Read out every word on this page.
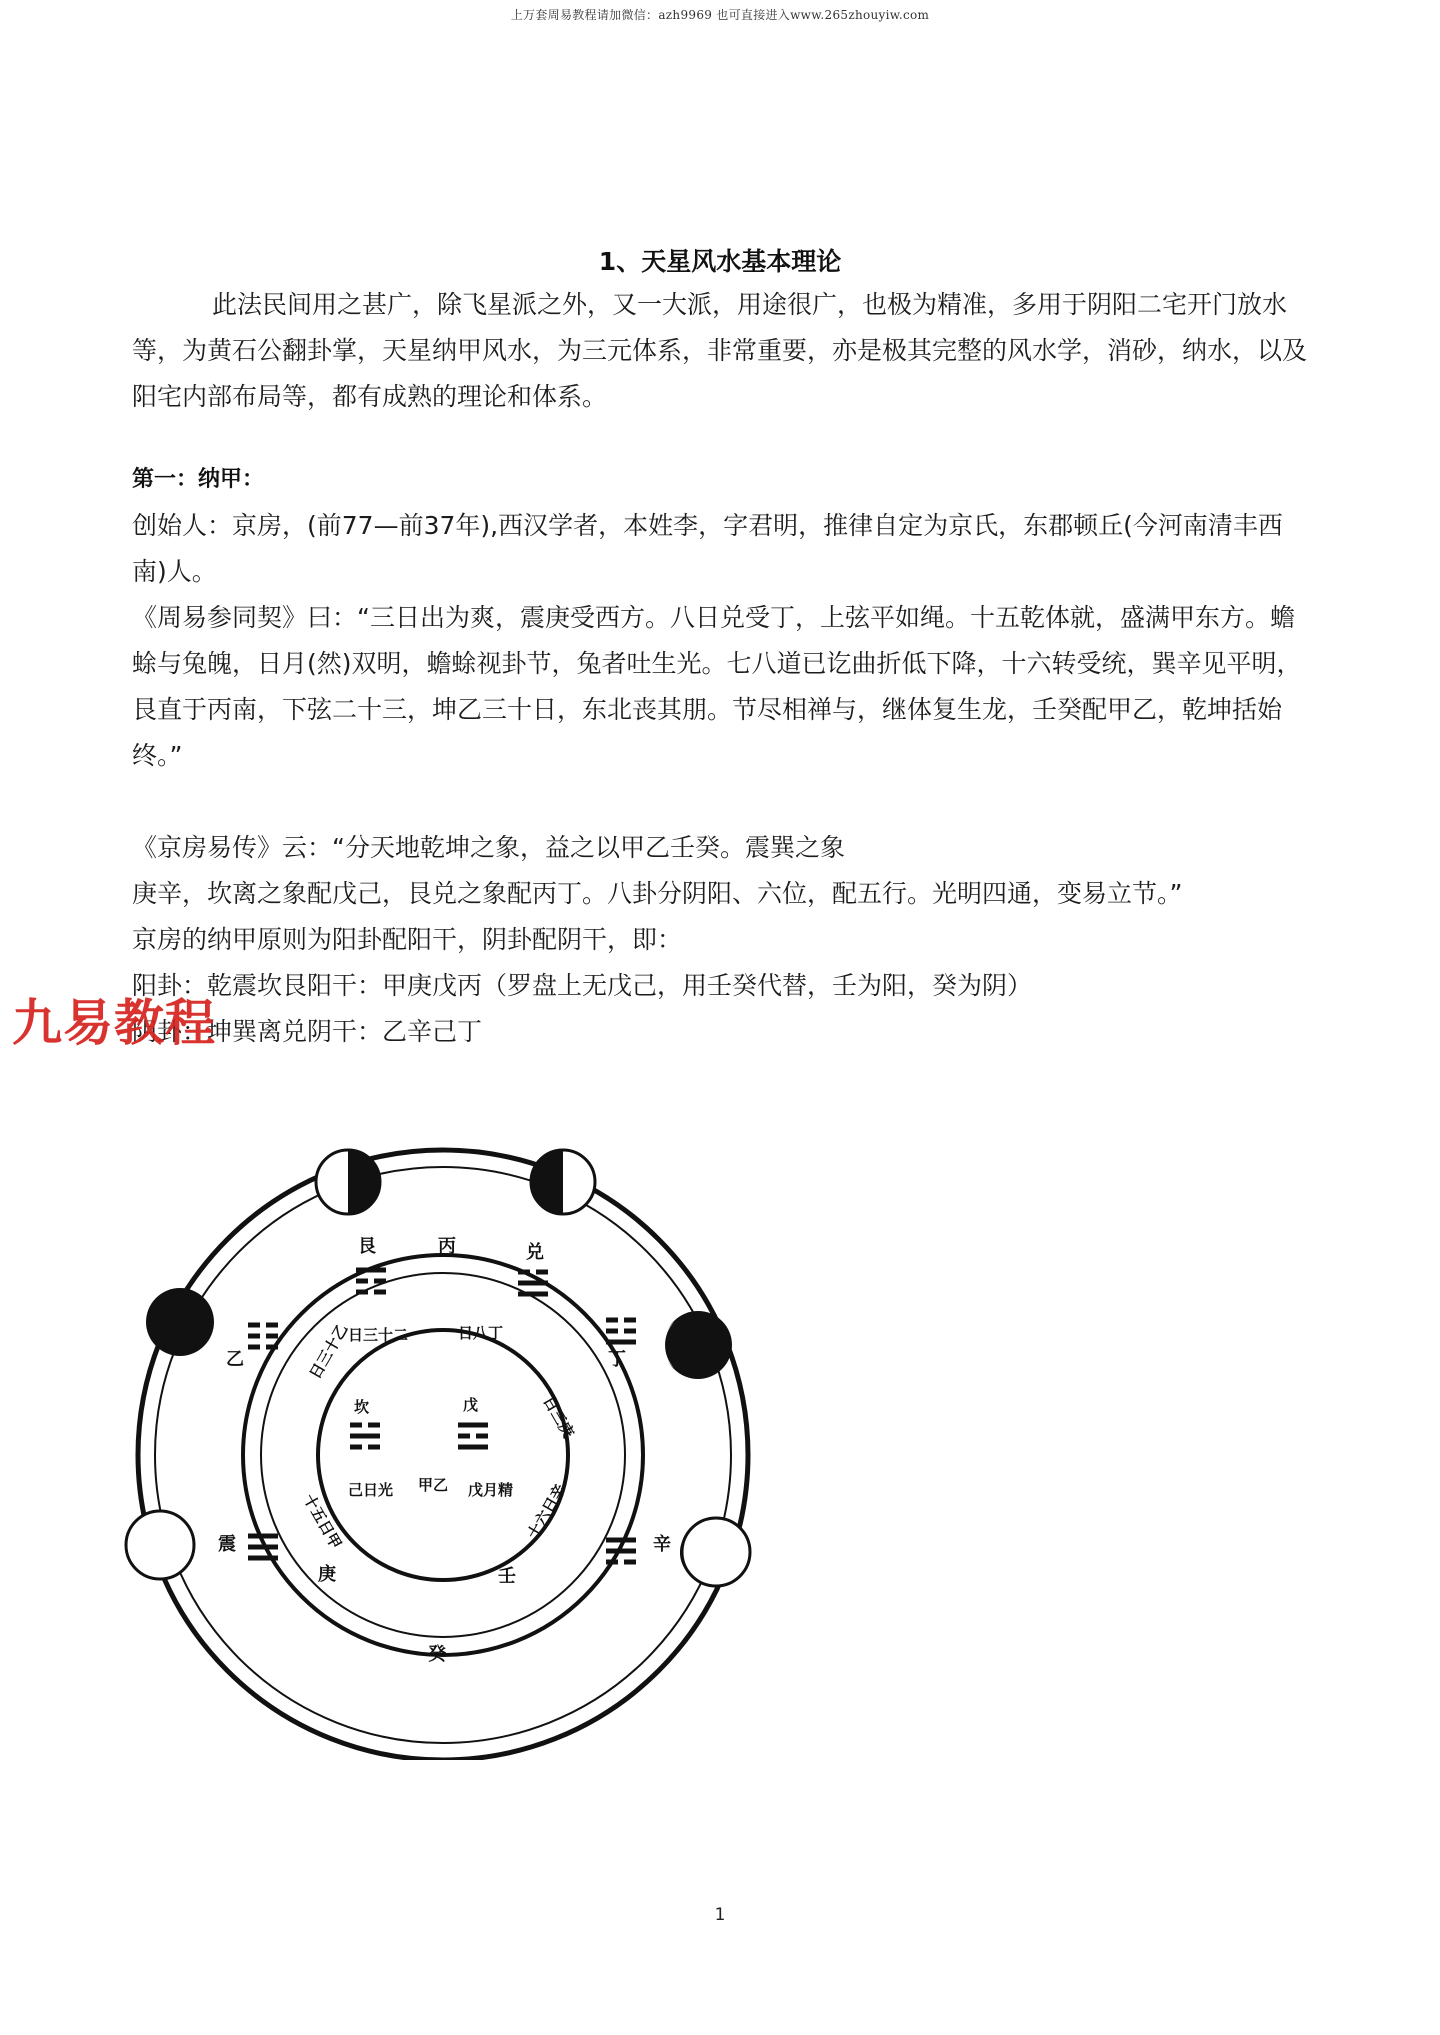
上万套周易教程请加微信：azh9969 也可直接进入www.265zhouyiw.com
1、天星风水基本理论

此法民间用之甚广，除飞星派之外，又一大派，用途很广，也极为精准，多用于阴阳二宅开门放水等，为黄石公翻卦掌，天星纳甲风水，为三元体系，非常重要，亦是极其完整的风水学，消砂，纳水，以及阳宅内部布局等，都有成熟的理论和体系。

第一：纳甲：

创始人：京房，(前77—前37年),西汉学者，本姓李，字君明，推律自定为京氏，东郡顿丘(今河南清丰西南)人。

《周易参同契》曰：“三日出为爽，震庚受西方。八日兑受丁，上弦平如绳。十五乾体就，盛满甲东方。蟾蜍与兔魄，日月(然)双明，蟾蜍视卦节，兔者吐生光。七八道已讫曲折低下降，十六转受统，巽辛见平明，艮直于丙南，下弦二十三，坤乙三十日，东北丧其朋。节尽相禅与，继体复生龙，壬癸配甲乙，乾坤括始终。”

《京房易传》云：“分天地乾坤之象，益之以甲乙壬癸。震巽之象

庚辛，坎离之象配戊己，艮兑之象配丙丁。八卦分阴阳、六位，配五行。光明四通，变易立节。”

京房的纳甲原则为阳卦配阳干，阴卦配阴干，即：

阳卦：乾震坎艮阳干：甲庚戊丙（罗盘上无戊己，用壬癸代替，壬为阳，癸为阴）

阴卦：坤巽离兑阴干：乙辛己丁

九易教程
艮	丙	兑
丁
乙
震	辛
癸
庚	壬
日三十二	日八丁
日三庚
十六日辛
十五日甲
日三十乙
坎	戊
己日光 甲乙 戊月精
1
